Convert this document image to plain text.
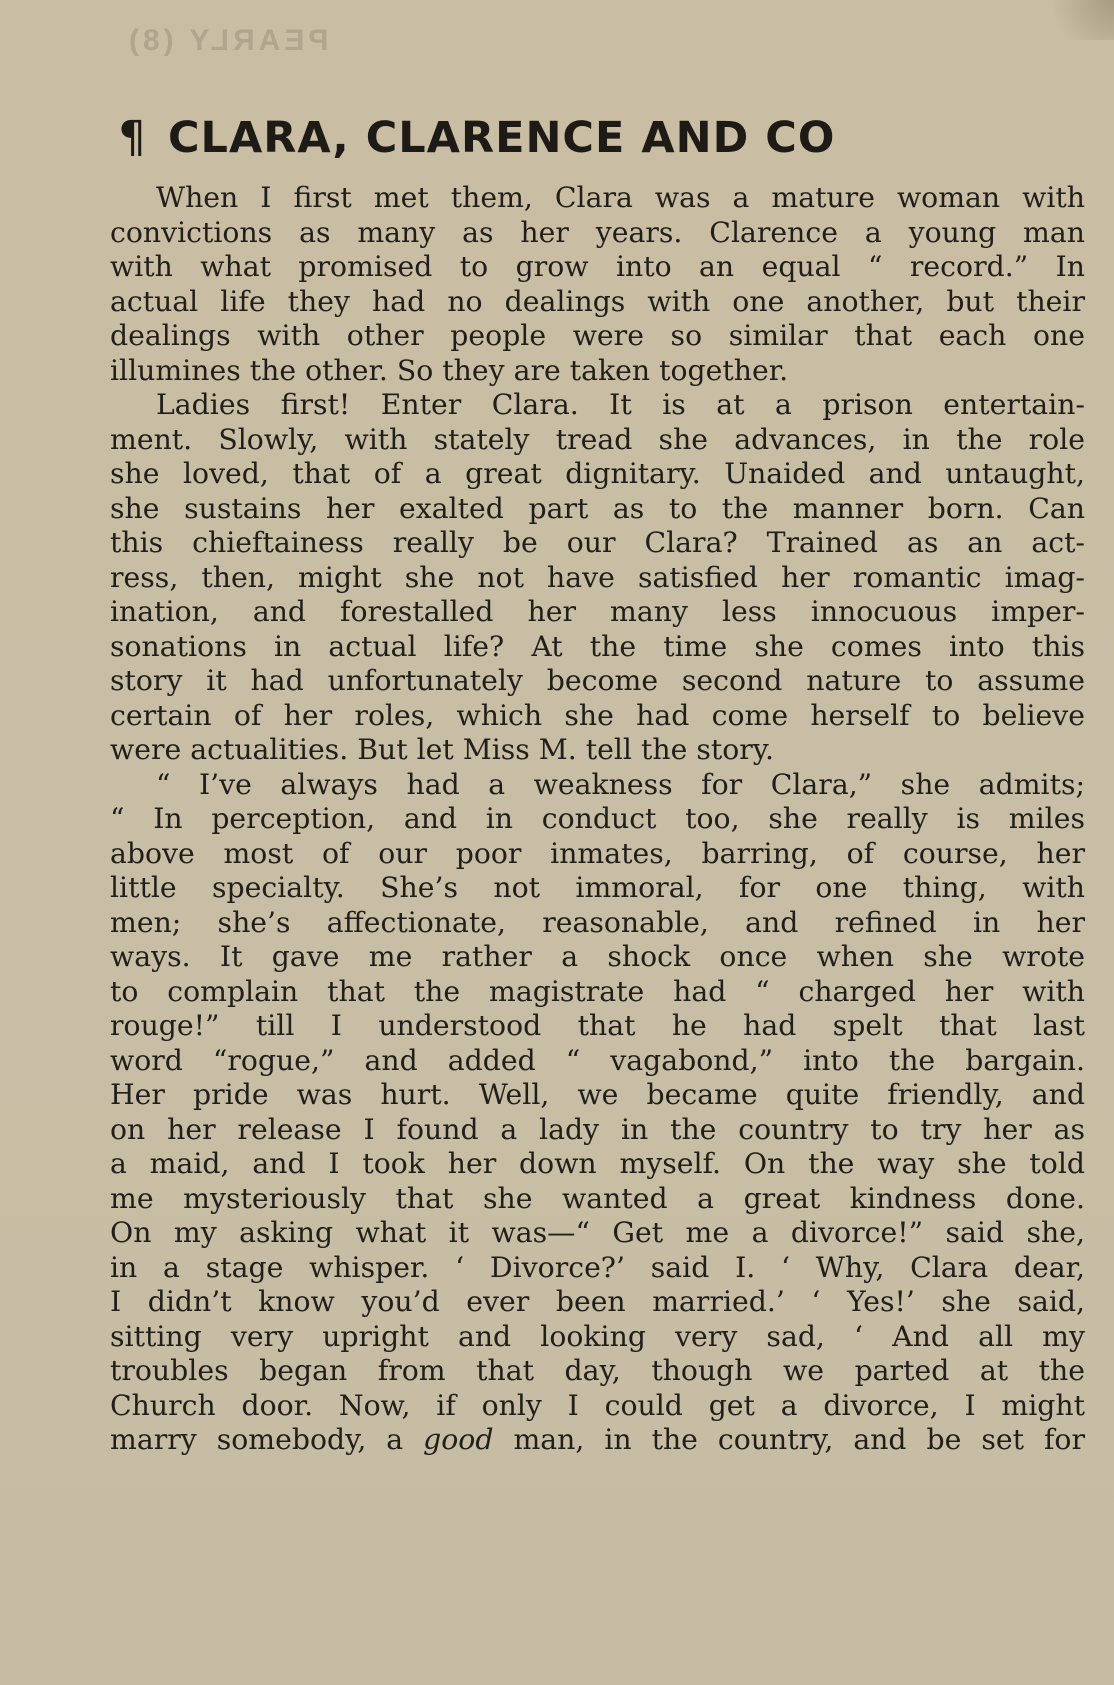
PEARLY (8)
¶ CLARA, CLARENCE AND CO
When I first met them, Clara was a mature woman with
convictions as many as her years. Clarence a young man
with what promised to grow into an equal “ record.” In
actual life they had no dealings with one another, but their
dealings with other people were so similar that each one
illumines the other. So they are taken together.
Ladies first! Enter Clara. It is at a prison entertain-
ment. Slowly, with stately tread she advances, in the role
she loved, that of a great dignitary. Unaided and untaught,
she sustains her exalted part as to the manner born. Can
this chieftainess really be our Clara? Trained as an act-
ress, then, might she not have satisfied her romantic imag-
ination, and forestalled her many less innocuous imper-
sonations in actual life? At the time she comes into this
story it had unfortunately become second nature to assume
certain of her roles, which she had come herself to believe
were actualities. But let Miss M. tell the story.
“ I’ve always had a weakness for Clara,” she admits;
“ In perception, and in conduct too, she really is miles
above most of our poor inmates, barring, of course, her
little specialty. She’s not immoral, for one thing, with
men; she’s affectionate, reasonable, and refined in her
ways. It gave me rather a shock once when she wrote
to complain that the magistrate had “ charged her with
rouge!” till I understood that he had spelt that last
word “rogue,” and added “ vagabond,” into the bargain.
Her pride was hurt. Well, we became quite friendly, and
on her release I found a lady in the country to try her as
a maid, and I took her down myself. On the way she told
me mysteriously that she wanted a great kindness done.
On my asking what it was—“ Get me a divorce!” said she,
in a stage whisper. ‘ Divorce?’ said I. ‘ Why, Clara dear,
I didn’t know you’d ever been married.’ ‘ Yes!’ she said,
sitting very upright and looking very sad, ‘ And all my
troubles began from that day, though we parted at the
Church door. Now, if only I could get a divorce, I might
marry somebody, a good man, in the country, and be set for
